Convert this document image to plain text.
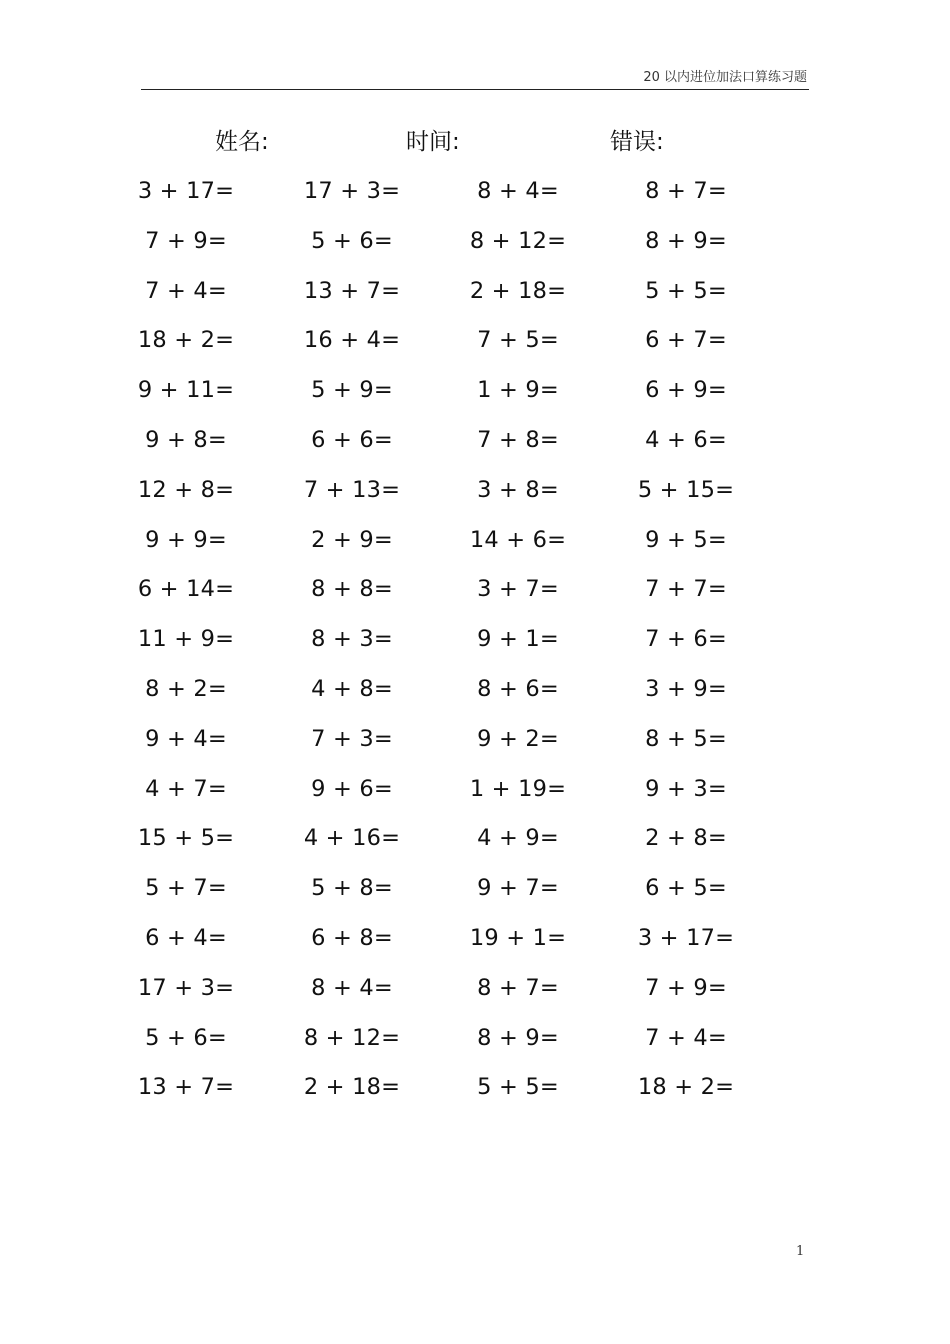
20 以内进位加法口算练习题
姓名:	时间:	错误:
3 + 17=	17 + 3=	8 + 4=	8 + 7=
7 + 9=	5 + 6=	8 + 12=	8 + 9=
7 + 4=	13 + 7=	2 + 18=	5 + 5=
18 + 2=	16 + 4=	7 + 5=	6 + 7=
9 + 11=	5 + 9=	1 + 9=	6 + 9=
9 + 8=	6 + 6=	7 + 8=	4 + 6=
12 + 8=	7 + 13=	3 + 8=	5 + 15=
9 + 9=	2 + 9=	14 + 6=	9 + 5=
6 + 14=	8 + 8=	3 + 7=	7 + 7=
11 + 9=	8 + 3=	9 + 1=	7 + 6=
8 + 2=	4 + 8=	8 + 6=	3 + 9=
9 + 4=	7 + 3=	9 + 2=	8 + 5=
4 + 7=	9 + 6=	1 + 19=	9 + 3=
15 + 5=	4 + 16=	4 + 9=	2 + 8=
5 + 7=	5 + 8=	9 + 7=	6 + 5=
6 + 4=	6 + 8=	19 + 1=	3 + 17=
17 + 3=	8 + 4=	8 + 7=	7 + 9=
5 + 6=	8 + 12=	8 + 9=	7 + 4=
13 + 7=	2 + 18=	5 + 5=	18 + 2=
1
